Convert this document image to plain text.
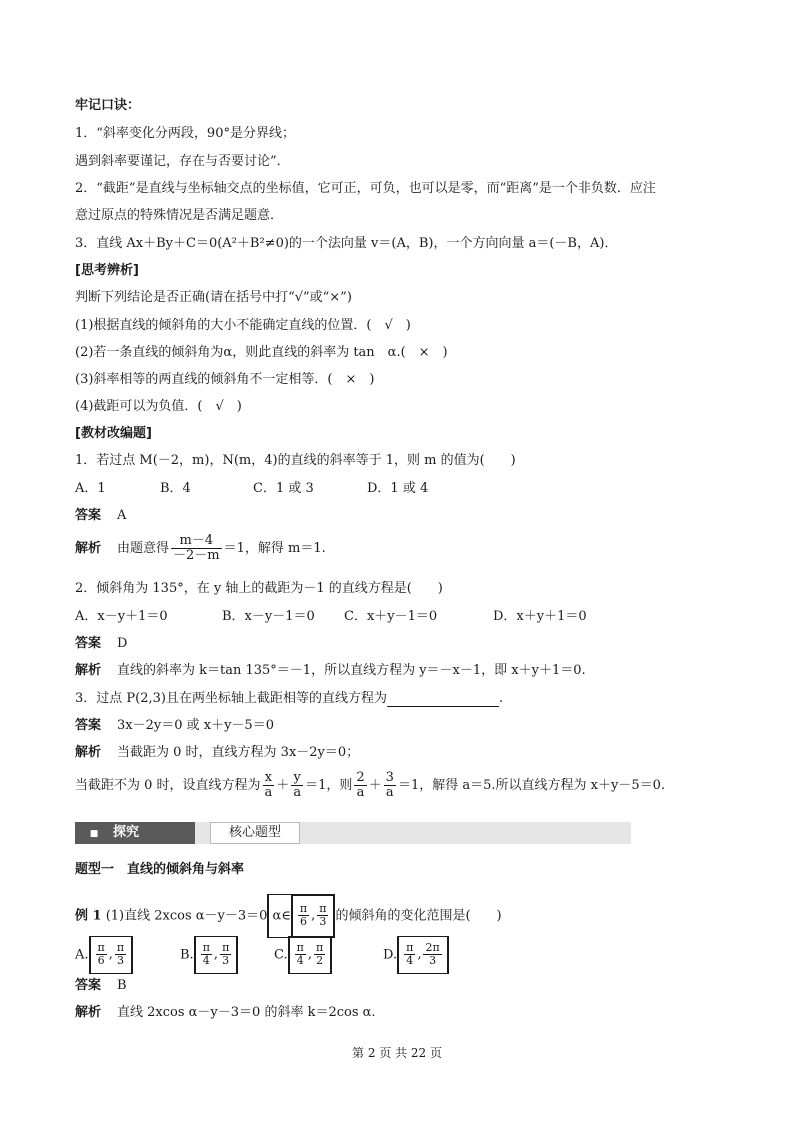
牢记口诀：
1．“斜率变化分两段，90°是分界线；
遇到斜率要谨记，存在与否要讨论”．
2．“截距”是直线与坐标轴交点的坐标值，它可正，可负，也可以是零，而“距离”是一个非负数．应注
意过原点的特殊情况是否满足题意．
3．直线 Ax＋By＋C＝0(A²＋B²≠0)的一个法向量 v＝(A，B)，一个方向向量 a＝(－B，A)．
[思考辨析]
判断下列结论是否正确(请在括号中打“√”或“×”)
(1)根据直线的倾斜角的大小不能确定直线的位置．(　√　)
(2)若一条直线的倾斜角为α，则此直线的斜率为 tan　α.(　×　)
(3)斜率相等的两直线的倾斜角不一定相等．(　×　)
(4)截距可以为负值．(　√　)
[教材改编题]
1．若过点 M(－2，m)，N(m，4)的直线的斜率等于 1，则 m 的值为(　　)
A．1	B．4	C．1 或 3	D．1 或 4
答案 A
解析 由题意得 $\frac{m-4}{-2-m} =1$，解得 m＝1.
2．倾斜角为 135°，在 y 轴上的截距为－1 的直线方程是(　　)
A．x－y＋1＝0	B．x－y－1＝0 C．x＋y－1＝0	D．x＋y＋1＝0
答案 D
解析 直线的斜率为 k＝tan 135°＝－1，所以直线方程为 y＝－x－1，即 x＋y＋1＝0.
3．过点 P(2,3)且在两坐标轴上截距相等的直线方程为	.
答案 3x－2y＝0 或 x＋y－5＝0
解析 当截距为 0 时，直线方程为 3x－2y＝0；
当截距不为 0 时，设直线方程为 $\frac{x}{a} + \frac{y}{a} =1$，则 $\frac{2}{a} + \frac{3}{a} =1$，解得 a＝5.所以直线方程为 x＋y－5＝0.
■ 探究	核心题型
题型一　直线的倾斜角与斜率
例 1 (1)直线 2xcos α－y－3＝0 α∈ $\frac{\pi}{6}$ , $\frac{\pi}{3}$ 的倾斜角的变化范围是(　　)
A. $\frac{\pi}{6}$ , $\frac{\pi}{3}$	B. $\frac{\pi}{4}$ , $\frac{\pi}{3}$	C. $\frac{\pi}{4}$ , $\frac{\pi}{2}$	D. $\frac{\pi}{4}$ , $\frac{2\pi}{3}$
答案 B
解析 直线 2xcos α－y－3＝0 的斜率 k＝2cos α.
第 2 页 共 22 页
